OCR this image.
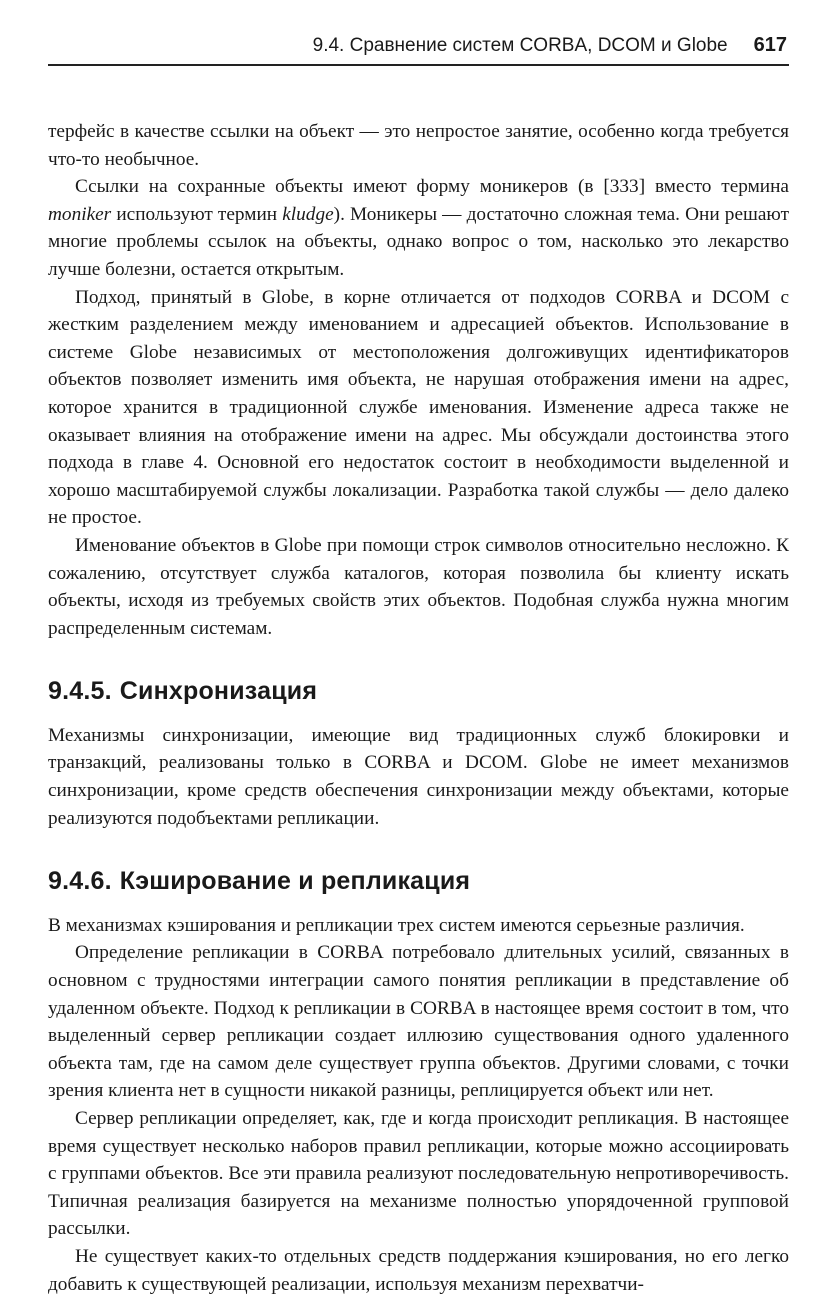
9.4. Сравнение систем CORBA, DCOM и Globe 617

терфейс в качестве ссылки на объект — это непростое занятие, особенно когда требуется что-то необычное.

Ссылки на сохранные объекты имеют форму моникеров (в [333] вместо термина moniker используют термин kludge). Моникеры — достаточно сложная тема. Они решают многие проблемы ссылок на объекты, однако вопрос о том, насколько это лекарство лучше болезни, остается открытым.

Подход, принятый в Globe, в корне отличается от подходов CORBA и DCOM с жестким разделением между именованием и адресацией объектов. Использование в системе Globe независимых от местоположения долгоживущих идентификаторов объектов позволяет изменить имя объекта, не нарушая отображения имени на адрес, которое хранится в традиционной службе именования. Изменение адреса также не оказывает влияния на отображение имени на адрес. Мы обсуждали достоинства этого подхода в главе 4. Основной его недостаток состоит в необходимости выделенной и хорошо масштабируемой службы локализации. Разработка такой службы — дело далеко не простое.

Именование объектов в Globe при помощи строк символов относительно несложно. К сожалению, отсутствует служба каталогов, которая позволила бы клиенту искать объекты, исходя из требуемых свойств этих объектов. Подобная служба нужна многим распределенным системам.

9.4.5. Синхронизация

Механизмы синхронизации, имеющие вид традиционных служб блокировки и транзакций, реализованы только в CORBA и DCOM. Globe не имеет механизмов синхронизации, кроме средств обеспечения синхронизации между объектами, которые реализуются подобъектами репликации.

9.4.6. Кэширование и репликация

В механизмах кэширования и репликации трех систем имеются серьезные различия.

Определение репликации в CORBA потребовало длительных усилий, связанных в основном с трудностями интеграции самого понятия репликации в представление об удаленном объекте. Подход к репликации в CORBA в настоящее время состоит в том, что выделенный сервер репликации создает иллюзию существования одного удаленного объекта там, где на самом деле существует группа объектов. Другими словами, с точки зрения клиента нет в сущности никакой разницы, реплицируется объект или нет.

Сервер репликации определяет, как, где и когда происходит репликация. В настоящее время существует несколько наборов правил репликации, которые можно ассоциировать с группами объектов. Все эти правила реализуют последовательную непротиворечивость. Типичная реализация базируется на механизме полностью упорядоченной групповой рассылки.

Не существует каких-то отдельных средств поддержания кэширования, но его легко добавить к существующей реализации, используя механизм перехватчи-
